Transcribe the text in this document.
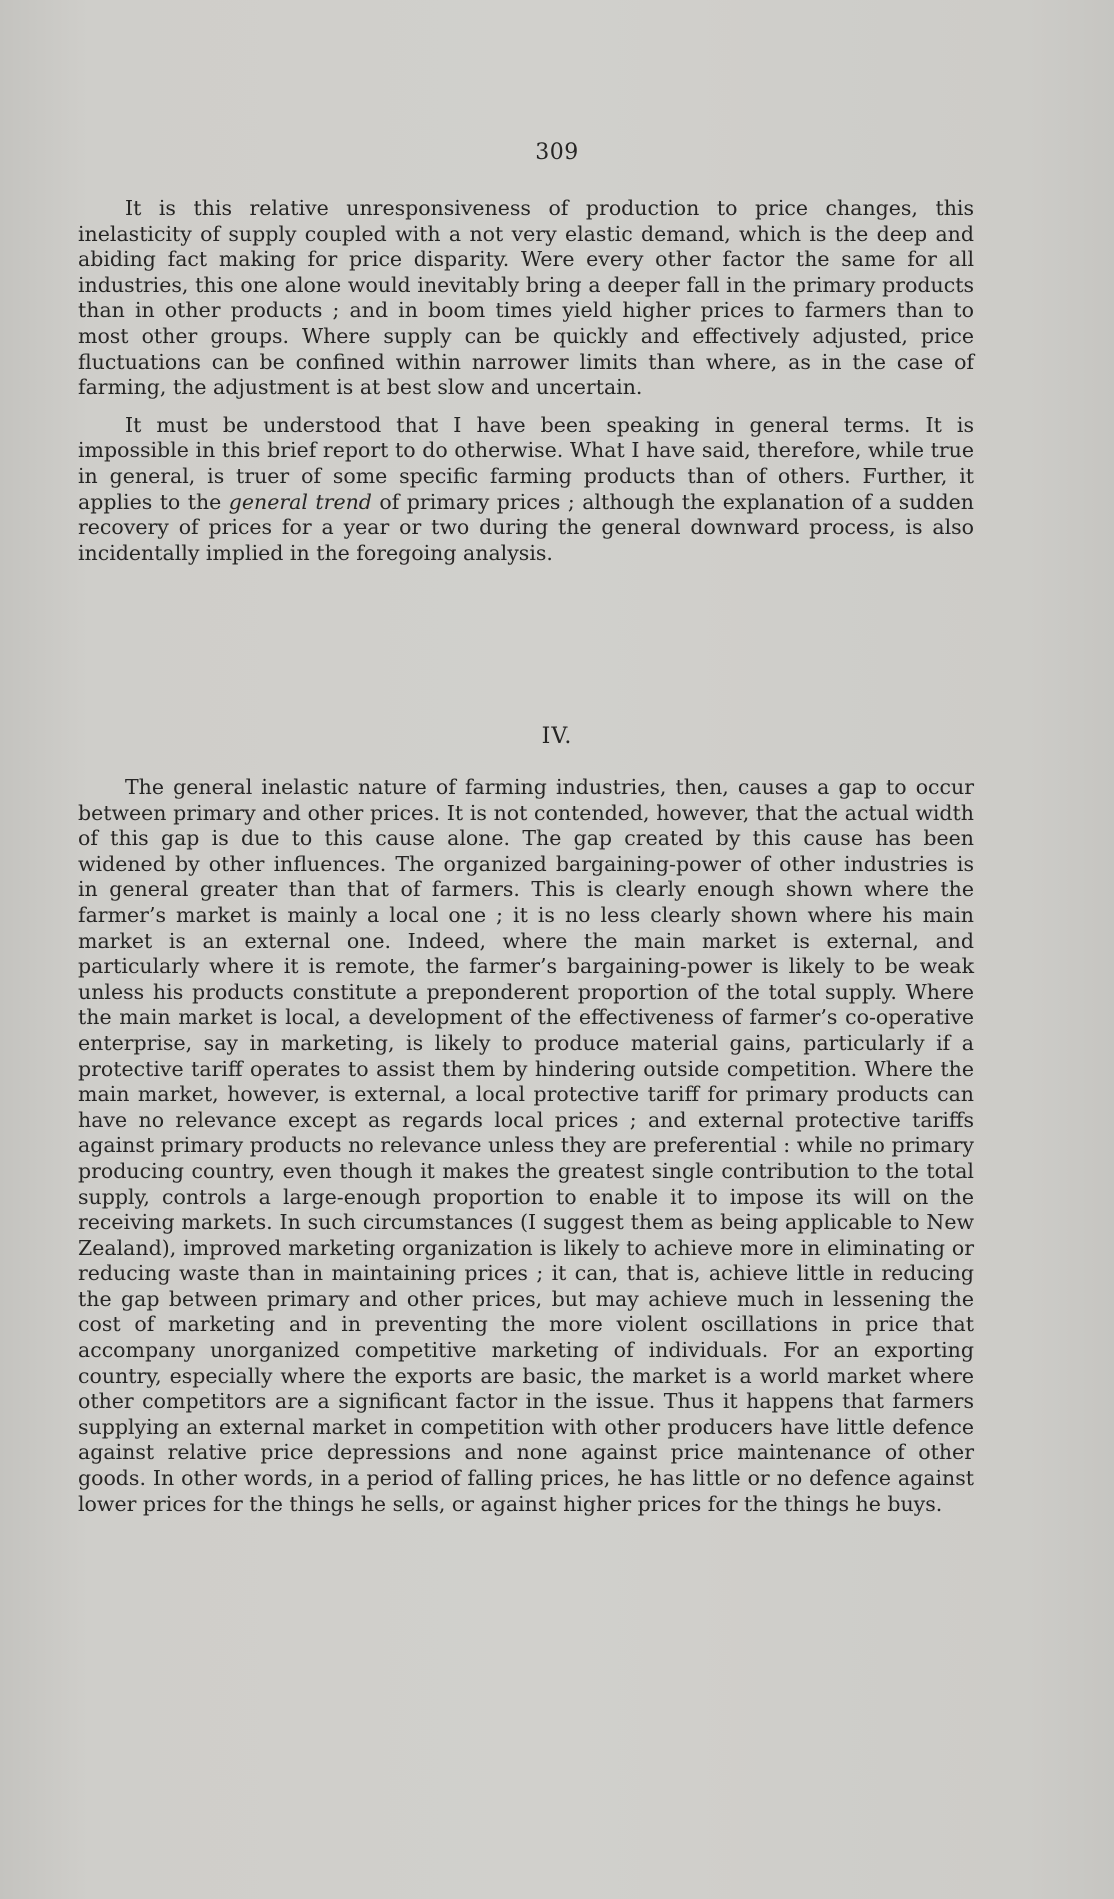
309

It is this relative unresponsiveness of production to price changes, this inelasticity of supply coupled with a not very elastic demand, which is the deep and abiding fact making for price disparity. Were every other factor the same for all industries, this one alone would inevitably bring a deeper fall in the primary products than in other products ; and in boom times yield higher prices to farmers than to most other groups. Where supply can be quickly and effectively adjusted, price fluctuations can be confined within narrower limits than where, as in the case of farming, the adjustment is at best slow and uncertain.

It must be understood that I have been speaking in general terms. It is impossible in this brief report to do otherwise. What I have said, therefore, while true in general, is truer of some specific farming products than of others. Further, it applies to the general trend of primary prices ; although the explanation of a sudden recovery of prices for a year or two during the general downward process, is also incidentally implied in the foregoing analysis.

IV.

The general inelastic nature of farming industries, then, causes a gap to occur between primary and other prices. It is not contended, however, that the actual width of this gap is due to this cause alone. The gap created by this cause has been widened by other influences. The organized bargaining-power of other industries is in general greater than that of farmers. This is clearly enough shown where the farmer’s market is mainly a local one ; it is no less clearly shown where his main market is an external one. Indeed, where the main market is external, and particularly where it is remote, the farmer’s bargaining-power is likely to be weak unless his products constitute a preponderent proportion of the total supply. Where the main market is local, a development of the effectiveness of farmer’s co-operative enterprise, say in marketing, is likely to produce material gains, particularly if a protective tariff operates to assist them by hindering outside competition. Where the main market, however, is external, a local protective tariff for primary products can have no relevance except as regards local prices ; and external protective tariffs against primary products no relevance unless they are preferential : while no primary producing country, even though it makes the greatest single contribution to the total supply, controls a large-enough proportion to enable it to impose its will on the receiving markets. In such circumstances (I suggest them as being applicable to New Zealand), improved marketing organization is likely to achieve more in eliminating or reducing waste than in maintaining prices ; it can, that is, achieve little in reducing the gap between primary and other prices, but may achieve much in lessening the cost of marketing and in preventing the more violent oscillations in price that accompany unorganized competitive marketing of individuals. For an exporting country, especially where the exports are basic, the market is a world market where other competitors are a significant factor in the issue. Thus it happens that farmers supplying an external market in competition with other producers have little defence against relative price depressions and none against price maintenance of other goods. In other words, in a period of falling prices, he has little or no defence against lower prices for the things he sells, or against higher prices for the things he buys.
